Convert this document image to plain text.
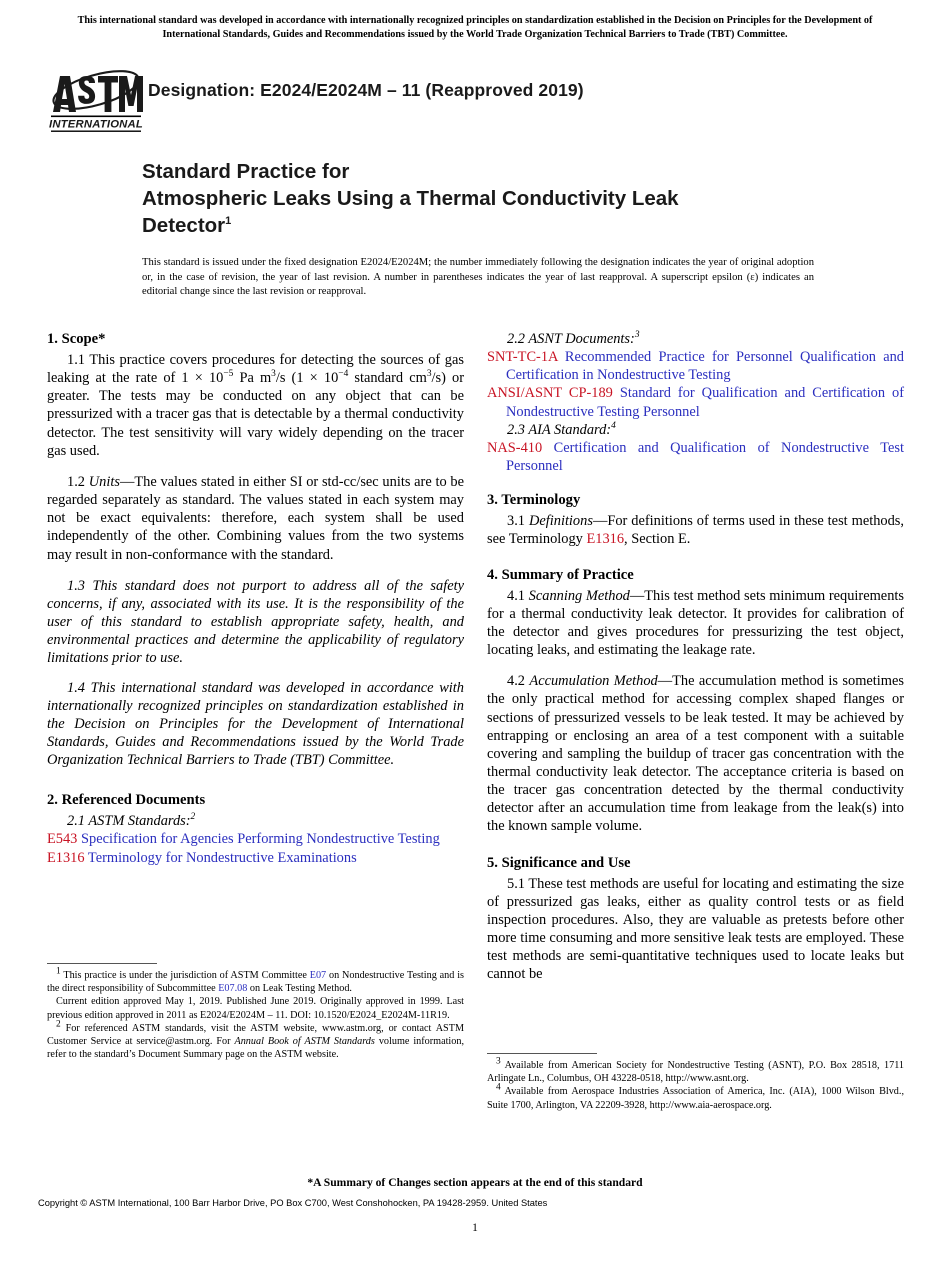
This international standard was developed in accordance with internationally recognized principles on standardization established in the Decision on Principles for the Development of International Standards, Guides and Recommendations issued by the World Trade Organization Technical Barriers to Trade (TBT) Committee.
INTERNATIONAL
Designation: E2024/E2024M – 11 (Reapproved 2019)
Standard Practice for
Atmospheric Leaks Using a Thermal Conductivity Leak
Detector$^1$
This standard is issued under the fixed designation E2024/E2024M; the number immediately following the designation indicates the year of original adoption or, in the case of revision, the year of last revision. A number in parentheses indicates the year of last reapproval. A superscript epsilon (ε) indicates an editorial change since the last revision or reapproval.
1. Scope*

1.1 This practice covers procedures for detecting the sources of gas leaking at the rate of $1 \times 10^{-5}$ Pa $m^3/s$ ($1 \times 10^{-4}$ standard $cm^3/s$) or greater. The tests may be conducted on any object that can be pressurized with a tracer gas that is detectable by a thermal conductivity detector. The test sensitivity will vary widely depending on the tracer gas used.

1.2 Units—The values stated in either SI or std-cc/sec units are to be regarded separately as standard. The values stated in each system may not be exact equivalents: therefore, each system shall be used independently of the other. Combining values from the two systems may result in non-conformance with the standard.

1.3 This standard does not purport to address all of the safety concerns, if any, associated with its use. It is the responsibility of the user of this standard to establish appropriate safety, health, and environmental practices and determine the applicability of regulatory limitations prior to use.

1.4 This international standard was developed in accordance with internationally recognized principles on standardization established in the Decision on Principles for the Development of International Standards, Guides and Recommendations issued by the World Trade Organization Technical Barriers to Trade (TBT) Committee.

2. Referenced Documents

2.1 ASTM Standards:$^2$

E543 Specification for Agencies Performing Nondestructive Testing

E1316 Terminology for Nondestructive Examinations

2.2 ASNT Documents:$^3$

SNT-TC-1A Recommended Practice for Personnel Qualification and Certification in Nondestructive Testing

ANSI/ASNT CP-189 Standard for Qualification and Certification of Nondestructive Testing Personnel

2.3 AIA Standard:$^4$

NAS-410 Certification and Qualification of Nondestructive Test Personnel

3. Terminology

3.1 Definitions—For definitions of terms used in these test methods, see Terminology E1316, Section E.

4. Summary of Practice

4.1 Scanning Method—This test method sets minimum requirements for a thermal conductivity leak detector. It provides for calibration of the detector and gives procedures for pressurizing the test object, locating leaks, and estimating the leakage rate.

4.2 Accumulation Method—The accumulation method is sometimes the only practical method for accessing complex shaped flanges or sections of pressurized vessels to be leak tested. It may be achieved by entrapping or enclosing an area of a test component with a suitable covering and sampling the buildup of tracer gas concentration with the thermal conductivity leak detector. The acceptance criteria is based on the tracer gas concentration detected by the thermal conductivity detector after an accumulation time from leakage from the leak(s) into the known sample volume.

5. Significance and Use

5.1 These test methods are useful for locating and estimating the size of pressurized gas leaks, either as quality control tests or as field inspection procedures. Also, they are valuable as pretests before other more time consuming and more sensitive leak tests are employed. These test methods are semi-quantitative techniques used to locate leaks but cannot be

$^1$ This practice is under the jurisdiction of ASTM Committee E07 on Nondestructive Testing and is the direct responsibility of Subcommittee E07.08 on Leak Testing Method.

Current edition approved May 1, 2019. Published June 2019. Originally approved in 1999. Last previous edition approved in 2011 as E2024/E2024M – 11. DOI: 10.1520/E2024_E2024M-11R19.

$^2$ For referenced ASTM standards, visit the ASTM website, www.astm.org, or contact ASTM Customer Service at service@astm.org. For Annual Book of ASTM Standards volume information, refer to the standard’s Document Summary page on the ASTM website.

$^3$ Available from American Society for Nondestructive Testing (ASNT), P.O. Box 28518, 1711 Arlingate Ln., Columbus, OH 43228-0518, http://www.asnt.org.

$^4$ Available from Aerospace Industries Association of America, Inc. (AIA), 1000 Wilson Blvd., Suite 1700, Arlington, VA 22209-3928, http://www.aia-aerospace.org.

*A Summary of Changes section appears at the end of this standard
Copyright © ASTM International, 100 Barr Harbor Drive, PO Box C700, West Conshohocken, PA 19428-2959. United States
1
